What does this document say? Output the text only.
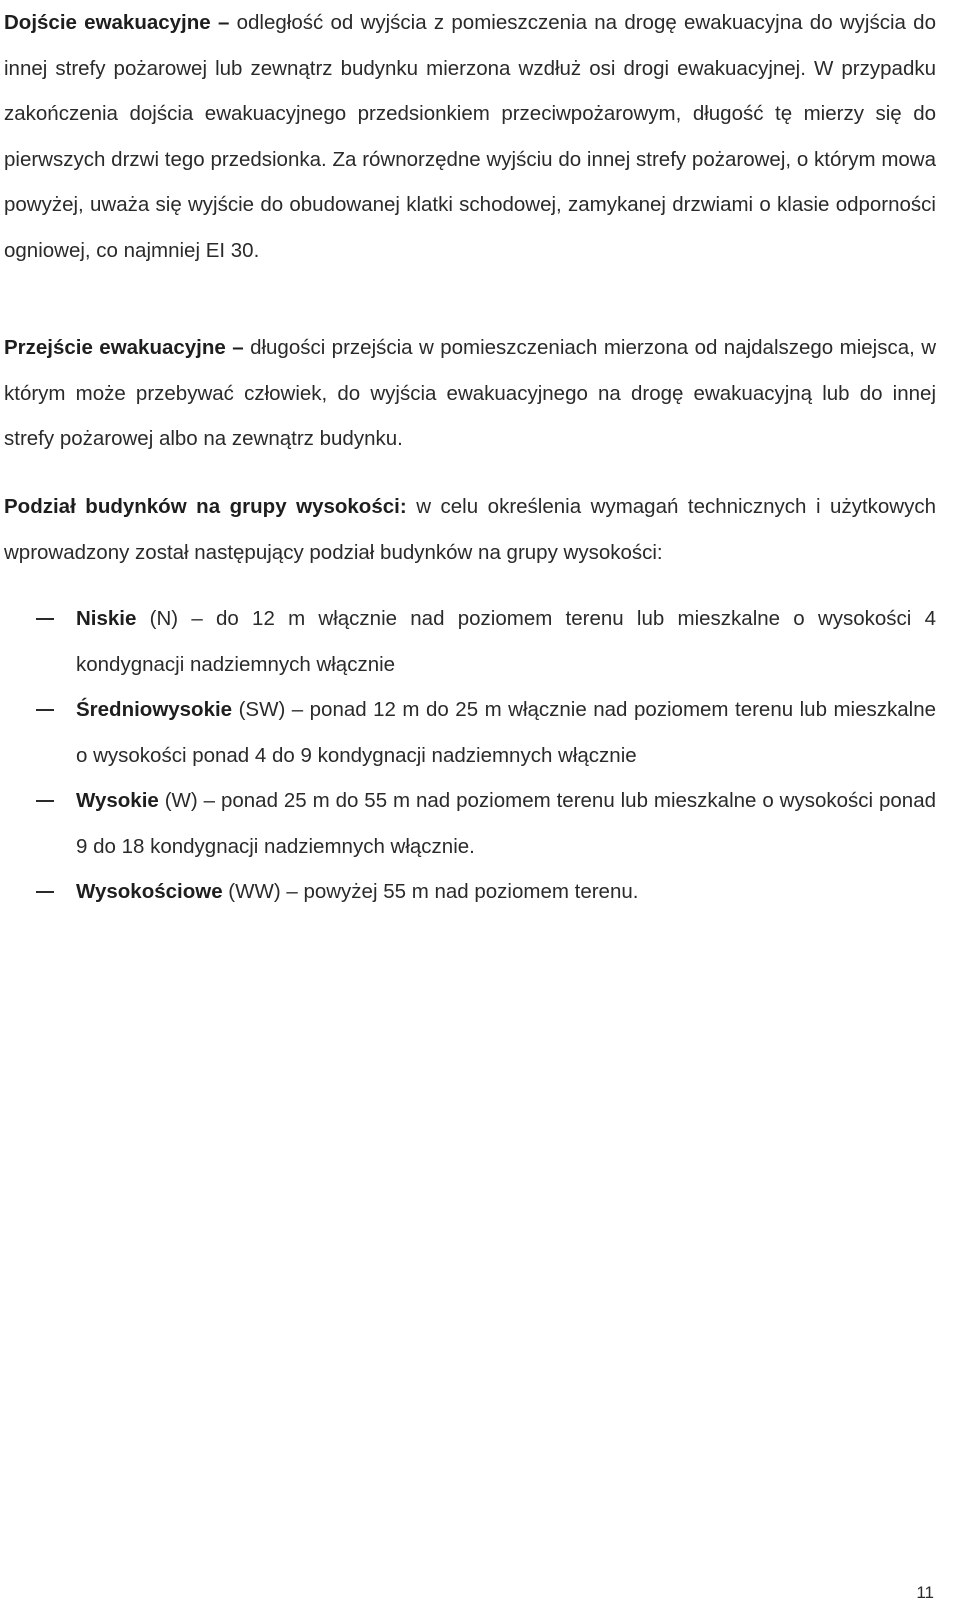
Dojście ewakuacyjne – odległość od wyjścia z pomieszczenia na drogę ewakuacyjna do wyjścia do innej strefy pożarowej lub zewnątrz budynku mierzona wzdłuż osi drogi ewakuacyjnej. W przypadku zakończenia dojścia ewakuacyjnego przedsionkiem przeciwpożarowym, długość tę mierzy się do pierwszych drzwi tego przedsionka. Za równorzędne wyjściu do innej strefy pożarowej, o którym mowa powyżej, uważa się wyjście do obudowanej klatki schodowej, zamykanej drzwiami o klasie odporności ogniowej, co najmniej EI 30.

Przejście ewakuacyjne – długości przejścia w pomieszczeniach mierzona od najdalszego miejsca, w którym może przebywać człowiek, do wyjścia ewakuacyjnego na drogę ewakuacyjną lub do innej strefy pożarowej albo na zewnątrz budynku.

Podział budynków na grupy wysokości: w celu określenia wymagań technicznych i użytkowych wprowadzony został następujący podział budynków na grupy wysokości:

Niskie (N) – do 12 m włącznie nad poziomem terenu lub mieszkalne o wysokości 4 kondygnacji nadziemnych włącznie
Średniowysokie (SW) – ponad 12 m do 25 m włącznie nad poziomem terenu lub mieszkalne o wysokości ponad 4 do 9 kondygnacji nadziemnych włącznie
Wysokie (W) – ponad 25 m do 55 m nad poziomem terenu lub mieszkalne o wysokości ponad 9 do 18 kondygnacji nadziemnych włącznie.
Wysokościowe (WW) – powyżej 55 m nad poziomem terenu.
11
